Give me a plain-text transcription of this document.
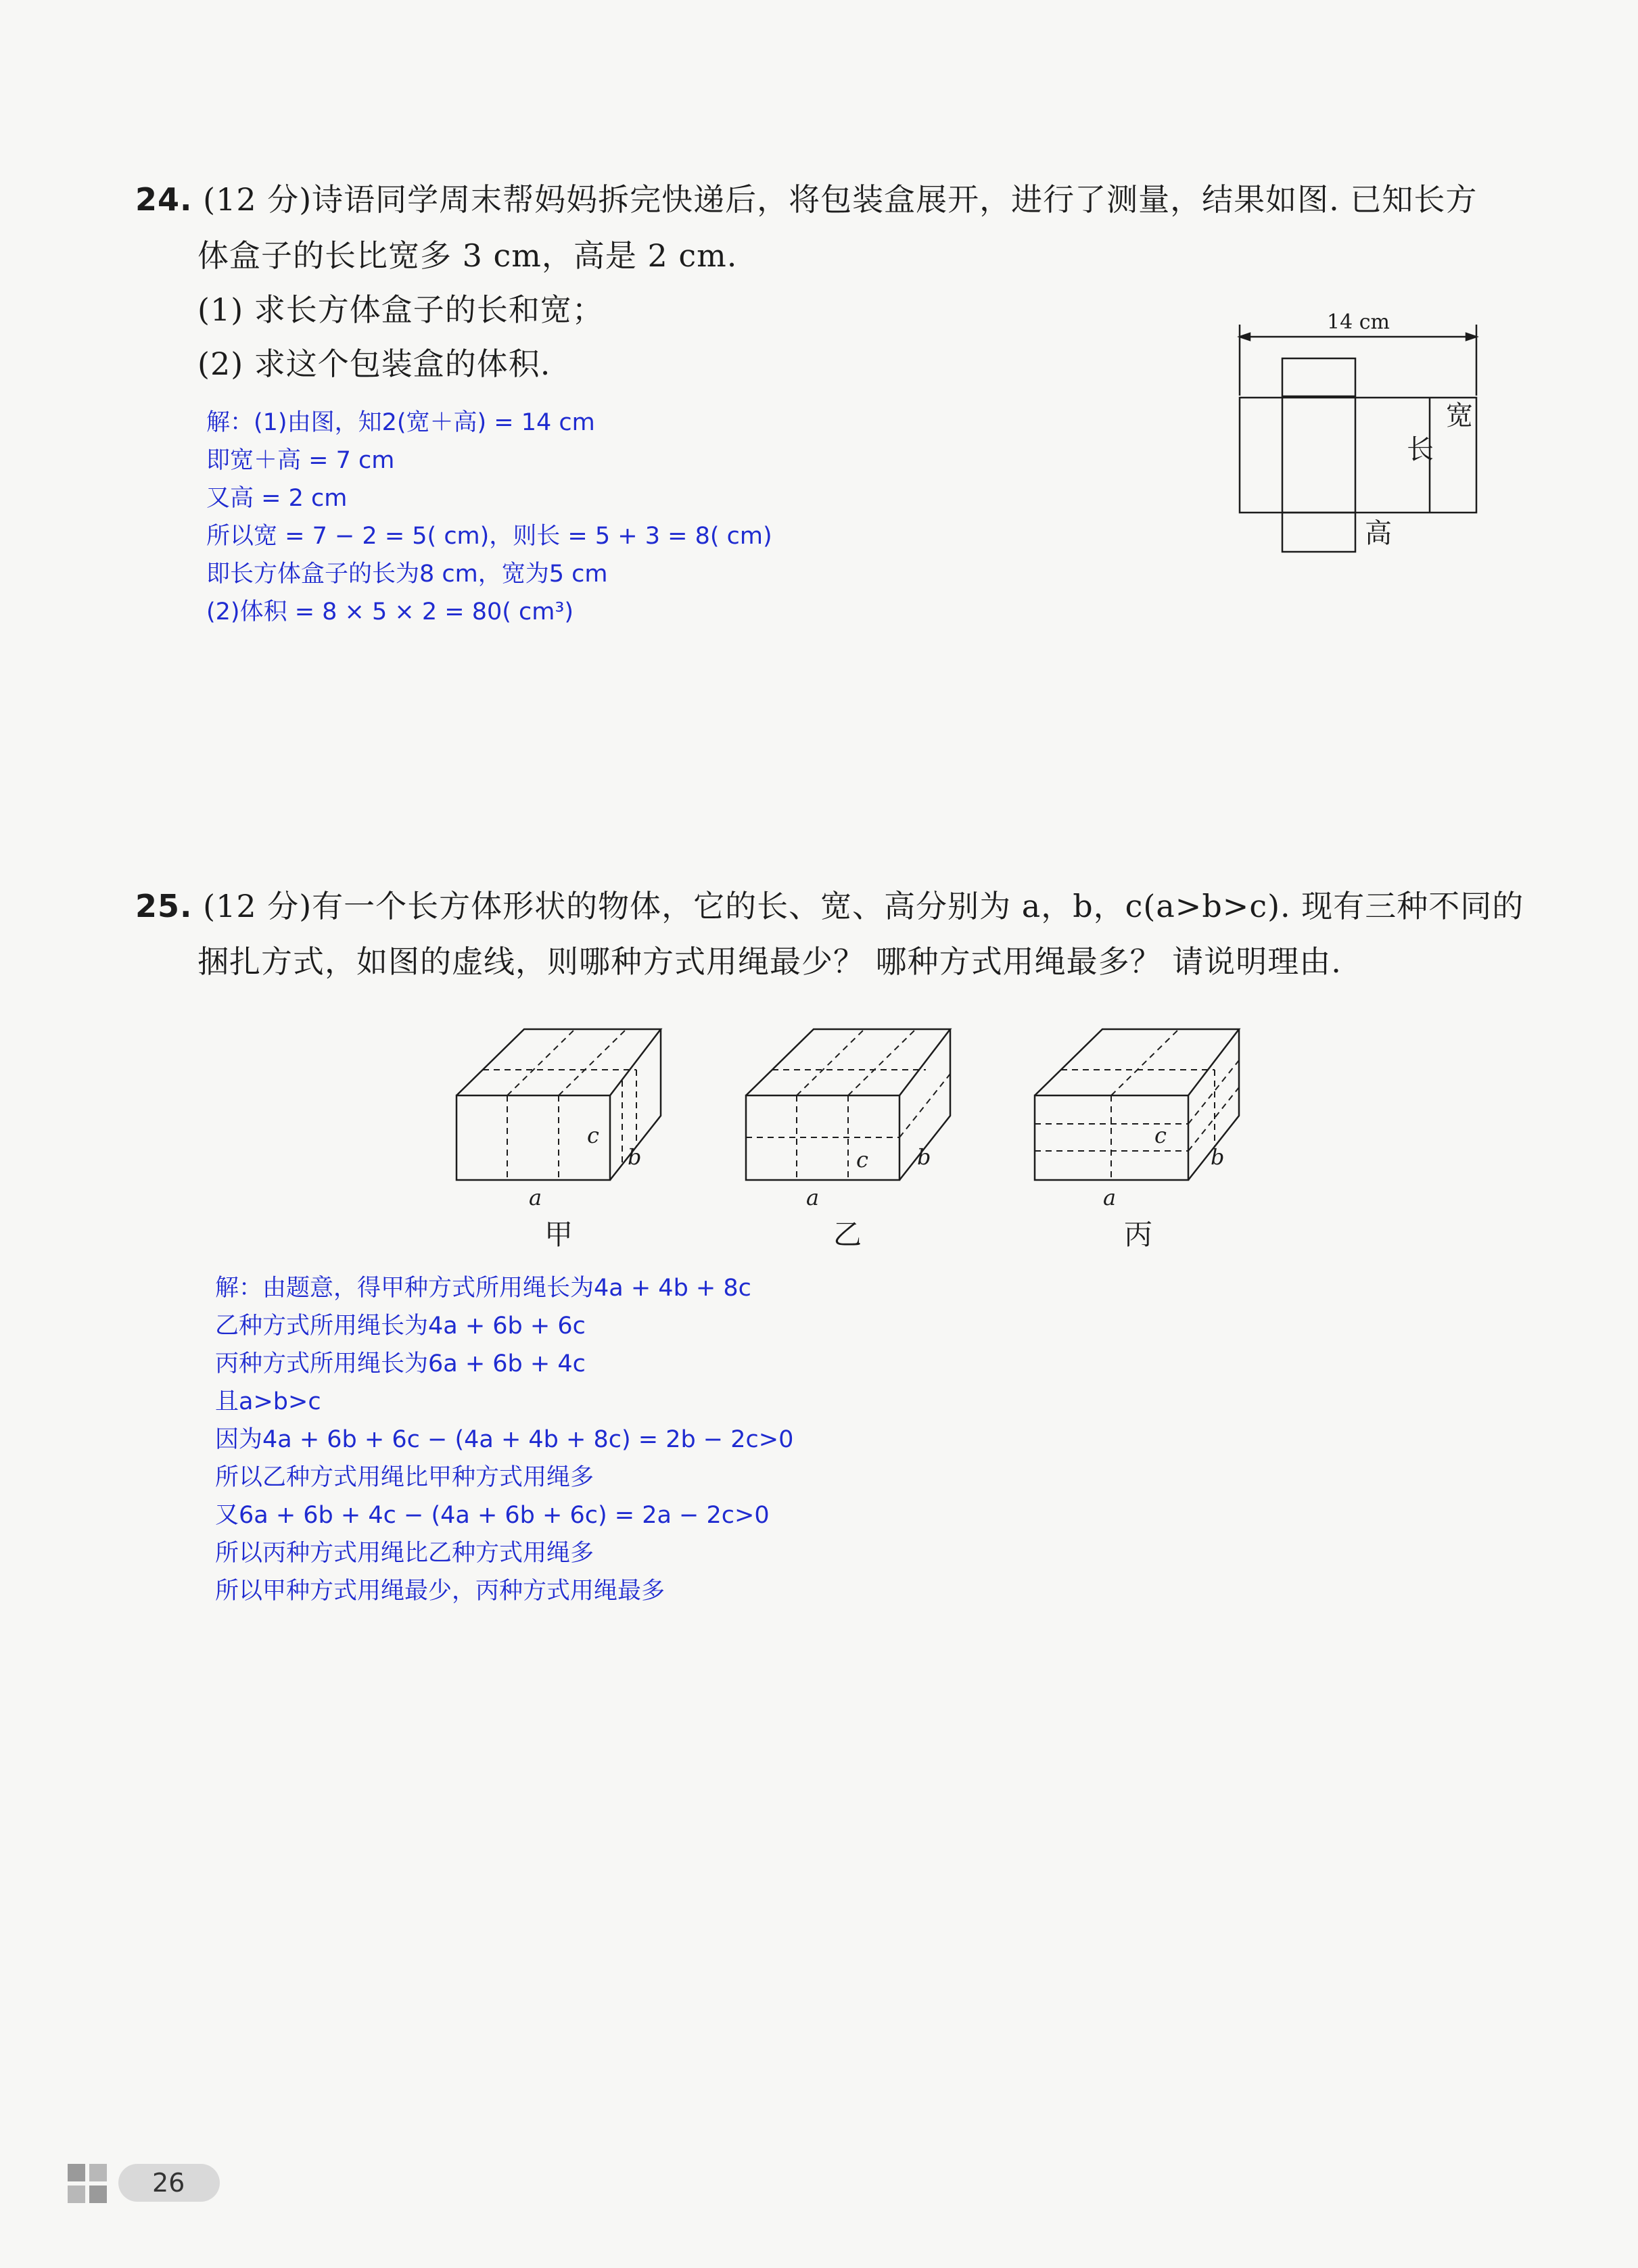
24. (12 分)诗语同学周末帮妈妈拆完快递后，将包装盒展开，进行了测量，结果如图. 已知长方
体盒子的长比宽多 3 cm，高是 2 cm.
(1) 求长方体盒子的长和宽；
(2) 求这个包装盒的体积.
14 cm
宽
长
高
解：(1)由图，知2(宽＋高) = 14 cm
即宽＋高 = 7 cm
又高 = 2 cm
所以宽 = 7 − 2 = 5( cm)，则长 = 5 + 3 = 8( cm)
即长方体盒子的长为8 cm，宽为5 cm
(2)体积 = 8 × 5 × 2 = 80( cm³)
25. (12 分)有一个长方体形状的物体，它的长、宽、高分别为 a，b，c(a>b>c). 现有三种不同的
捆扎方式，如图的虚线，则哪种方式用绳最少？ 哪种方式用绳最多？ 请说明理由.
c
b
a
甲
c b
a
乙
c
b
a
丙
解：由题意，得甲种方式所用绳长为4a + 4b + 8c
乙种方式所用绳长为4a + 6b + 6c
丙种方式所用绳长为6a + 6b + 4c
且a>b>c
因为4a + 6b + 6c − (4a + 4b + 8c) = 2b − 2c>0
所以乙种方式用绳比甲种方式用绳多
又6a + 6b + 4c − (4a + 6b + 6c) = 2a − 2c>0
所以丙种方式用绳比乙种方式用绳多
所以甲种方式用绳最少，丙种方式用绳最多
26
